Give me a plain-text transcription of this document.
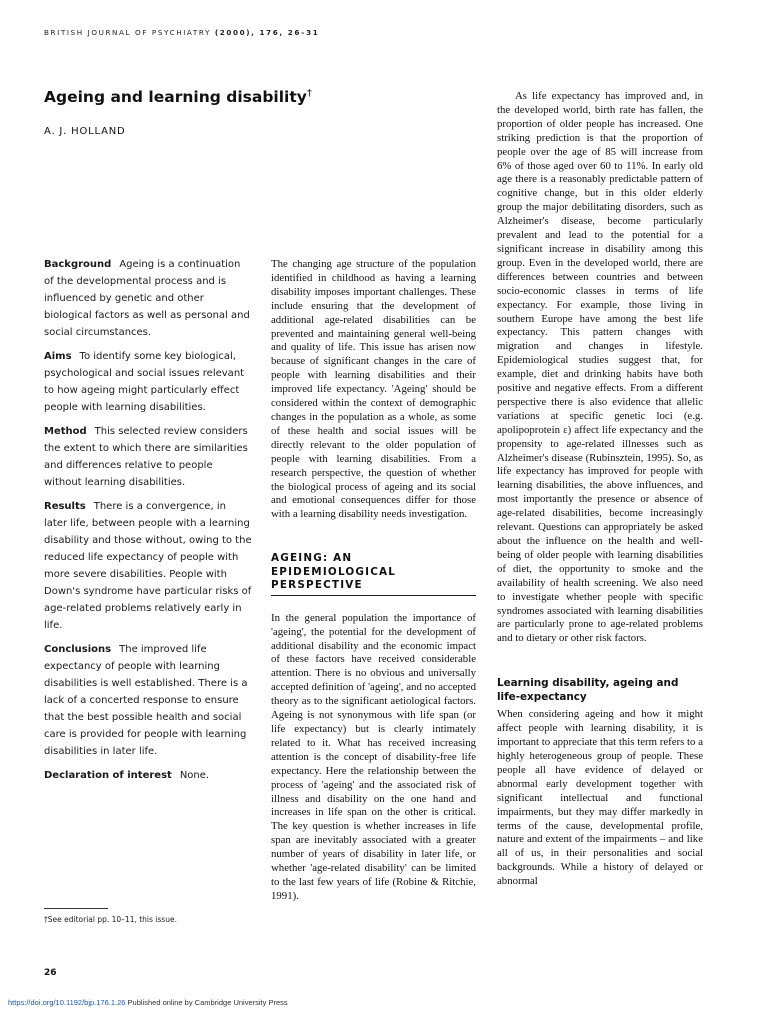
BRITISH JOURNAL OF PSYCHIATRY (2000), 176, 26–31
Ageing and learning disability†
A. J. HOLLAND

Background Ageing is a continuation of the developmental process and is influenced by genetic and other biological factors as well as personal and social circumstances.

Aims To identify some key biological, psychological and social issues relevant to how ageing might particularly effect people with learning disabilities.

Method This selected review considers the extent to which there are similarities and differences relative to people without learning disabilities.

Results There is a convergence, in later life, between people with a learning disability and those without, owing to the reduced life expectancy of people with more severe disabilities. People with Down's syndrome have particular risks of age-related problems relatively early in life.

Conclusions The improved life expectancy of people with learning disabilities is well established. There is a lack of a concerted response to ensure that the best possible health and social care is provided for people with learning disabilities in later life.

Declaration of interest None.

The changing age structure of the population identified in childhood as having a learning disability imposes important challenges. These include ensuring that the development of additional age-related disabilities can be prevented and maintaining general well-being and quality of life. This issue has arisen now because of significant changes in the care of people with learning disabilities and their improved life expectancy. 'Ageing' should be considered within the context of demographic changes in the population as a whole, as some of these health and social issues will be directly relevant to the older population of people with learning disabilities. From a research perspective, the question of whether the biological process of ageing and its social and emotional consequences differ for those with a learning disability needs investigation.

AGEING: AN EPIDEMIOLOGICAL PERSPECTIVE

In the general population the importance of 'ageing', the potential for the development of additional disability and the economic impact of these factors have received considerable attention. There is no obvious and universally accepted definition of 'ageing', and no accepted theory as to the significant aetiological factors. Ageing is not synonymous with life span (or life expectancy) but is clearly intimately related to it. What has received increasing attention is the concept of disability-free life expectancy. Here the relationship between the process of 'ageing' and the associated risk of illness and disability on the one hand and increases in life span on the other is critical. The key question is whether increases in life span are inevitably associated with a greater number of years of disability in later life, or whether 'age-related disability' can be limited to the last few years of life (Robine & Ritchie, 1991).

As life expectancy has improved and, in the developed world, birth rate has fallen, the proportion of older people has increased. One striking prediction is that the proportion of people over the age of 85 will increase from 6% of those aged over 60 to 11%. In early old age there is a reasonably predictable pattern of cognitive change, but in this older elderly group the major debilitating disorders, such as Alzheimer's disease, become particularly prevalent and lead to the potential for a significant increase in disability among this group. Even in the developed world, there are differences between countries and between socio-economic classes in terms of life expectancy. For example, those living in southern Europe have among the best life expectancy. This pattern changes with migration and changes in lifestyle. Epidemiological studies suggest that, for example, diet and drinking habits have both positive and negative effects. From a different perspective there is also evidence that allelic variations at specific genetic loci (e.g. apolipoprotein ε) affect life expectancy and the propensity to age-related illnesses such as Alzheimer's disease (Rubinsztein, 1995). So, as life expectancy has improved for people with learning disabilities, the above influences, and most importantly the presence or absence of age-related disabilities, become increasingly relevant. Questions can appropriately be asked about the influence on the health and well-being of older people with learning disabilities of diet, the opportunity to smoke and the availability of health screening. We also need to investigate whether people with specific syndromes associated with learning disabilities are particularly prone to age-related problems and to dietary or other risk factors.

Learning disability, ageing and life-expectancy

When considering ageing and how it might affect people with learning disability, it is important to appreciate that this term refers to a highly heterogeneous group of people. These people all have evidence of delayed or abnormal early development together with significant intellectual and functional impairments, but they may differ markedly in terms of the cause, developmental profile, nature and extent of the impairments – and like all of us, in their personalities and social backgrounds. While a history of delayed or abnormal

†See editorial pp. 10–11, this issue.
26
https://doi.org/10.1192/bjp.176.1.26 Published online by Cambridge University Press
